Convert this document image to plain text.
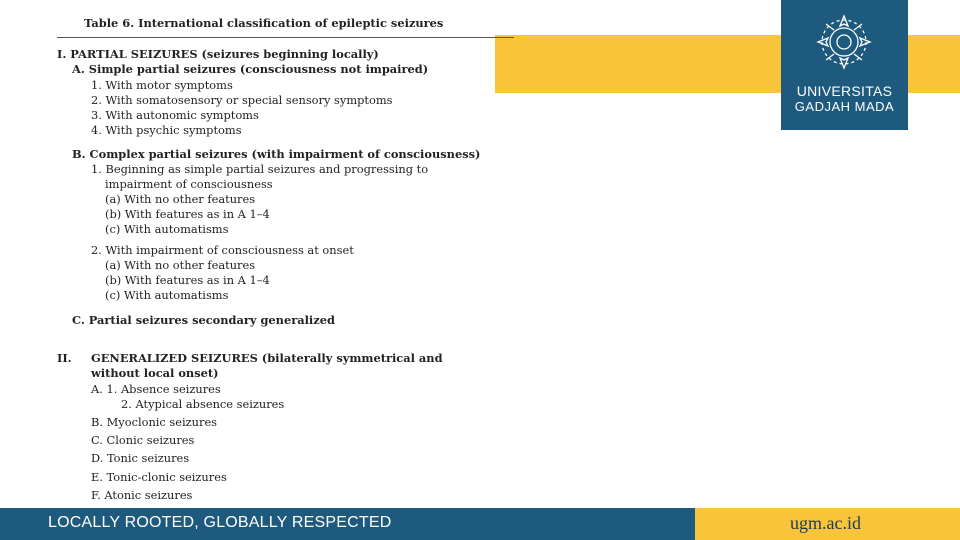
UNIVERSITAS
GADJAH MADA
Table 6. International classification of epileptic seizures
I. PARTIAL SEIZURES (seizures beginning locally)
A. Simple partial seizures (consciousness not impaired)
1. With motor symptoms
2. With somatosensory or special sensory symptoms
3. With autonomic symptoms
4. With psychic symptoms
B. Complex partial seizures (with impairment of consciousness)
1. Beginning as simple partial seizures and progressing to
impairment of consciousness
(a) With no other features
(b) With features as in A 1–4
(c) With automatisms
2. With impairment of consciousness at onset
(a) With no other features
(b) With features as in A 1–4
(c) With automatisms
C. Partial seizures secondary generalized
II. GENERALIZED SEIZURES (bilaterally symmetrical and
without local onset)
A. 1. Absence seizures
2. Atypical absence seizures
B. Myoclonic seizures
C. Clonic seizures
D. Tonic seizures
E. Tonic-clonic seizures
F. Atonic seizures
LOCALLY ROOTED, GLOBALLY RESPECTED	ugm.ac.id
